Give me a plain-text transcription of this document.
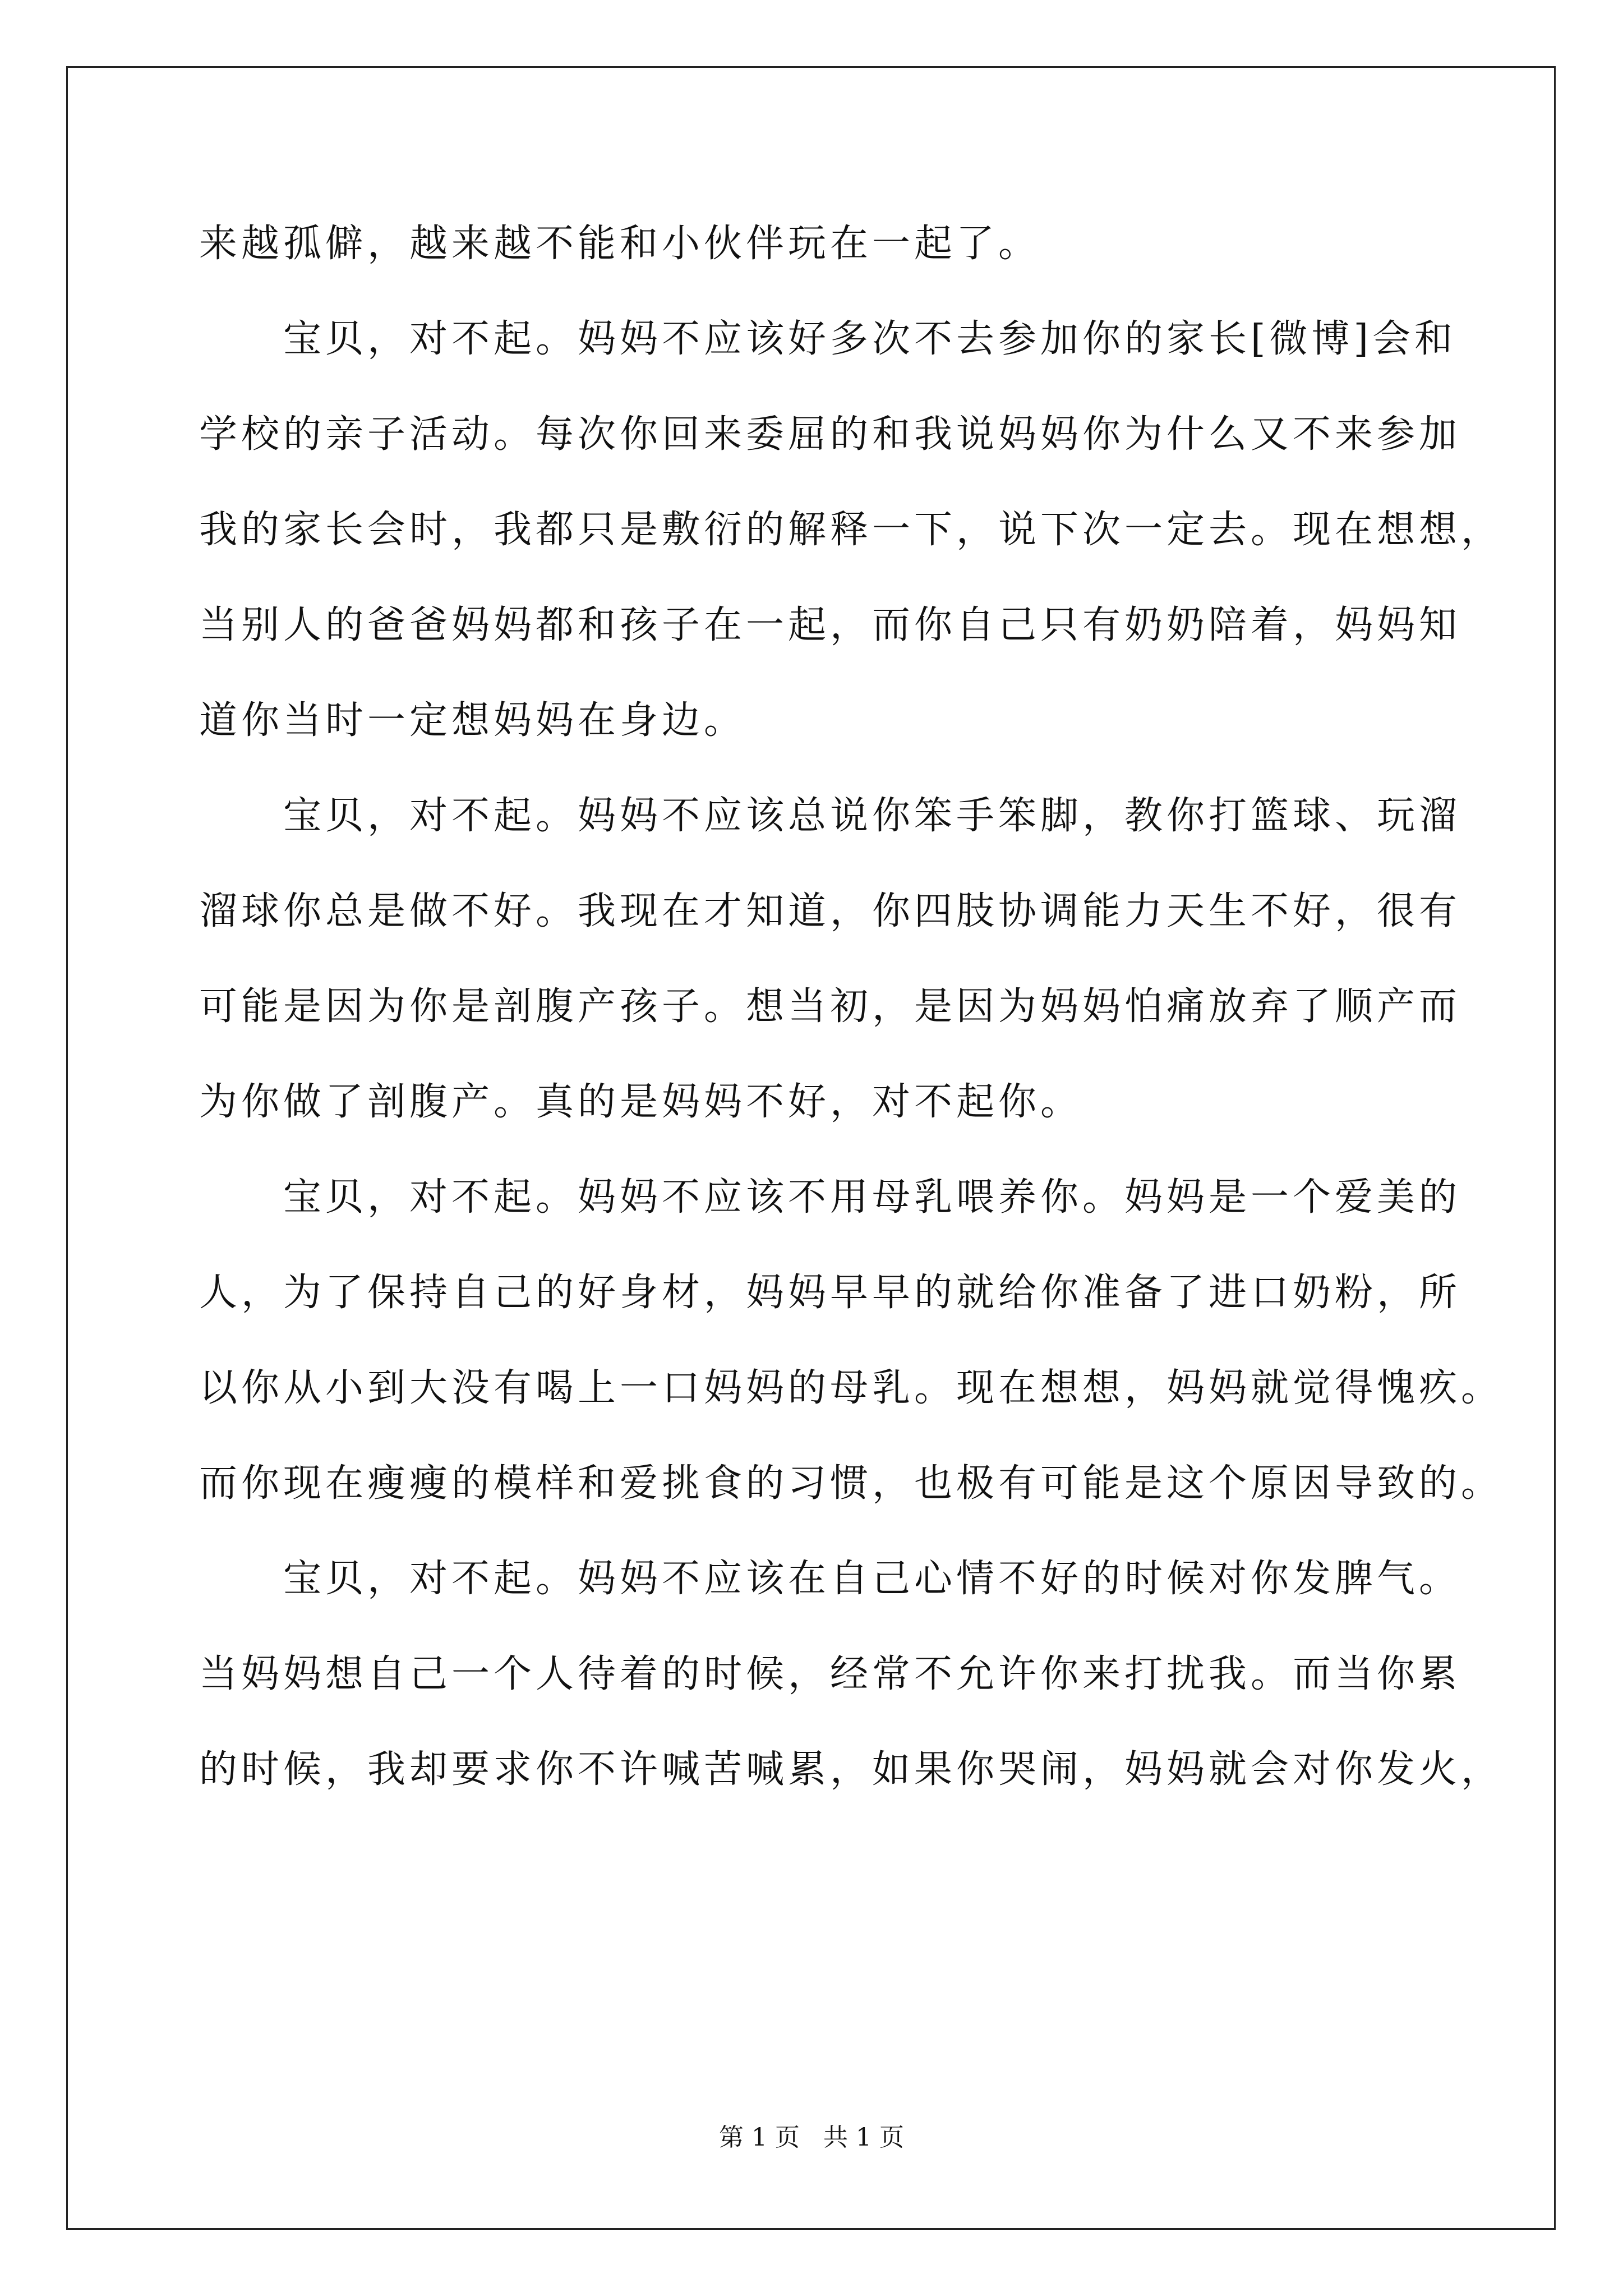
来越孤僻，越来越不能和小伙伴玩在一起了。
宝贝，对不起。妈妈不应该好多次不去参加你的家长[微博]会和
学校的亲子活动。每次你回来委屈的和我说妈妈你为什么又不来参加
我的家长会时，我都只是敷衍的解释一下，说下次一定去。现在想想，
当别人的爸爸妈妈都和孩子在一起，而你自己只有奶奶陪着，妈妈知
道你当时一定想妈妈在身边。
宝贝，对不起。妈妈不应该总说你笨手笨脚，教你打篮球、玩溜
溜球你总是做不好。我现在才知道，你四肢协调能力天生不好，很有
可能是因为你是剖腹产孩子。想当初，是因为妈妈怕痛放弃了顺产而
为你做了剖腹产。真的是妈妈不好，对不起你。
宝贝，对不起。妈妈不应该不用母乳喂养你。妈妈是一个爱美的
人，为了保持自己的好身材，妈妈早早的就给你准备了进口奶粉，所
以你从小到大没有喝上一口妈妈的母乳。现在想想，妈妈就觉得愧疚。
而你现在瘦瘦的模样和爱挑食的习惯，也极有可能是这个原因导致的。
宝贝，对不起。妈妈不应该在自己心情不好的时候对你发脾气。
当妈妈想自己一个人待着的时候，经常不允许你来打扰我。而当你累
的时候，我却要求你不许喊苦喊累，如果你哭闹，妈妈就会对你发火，
第 1 页   共 1 页
